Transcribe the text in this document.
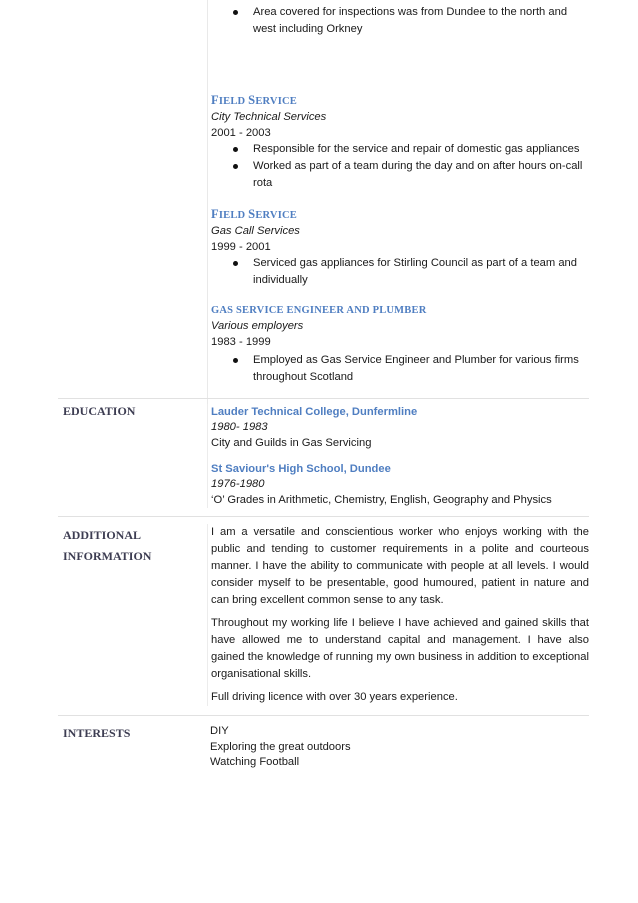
Area covered for inspections was from Dundee to the north and west including Orkney
FIELD SERVICE
City Technical Services
2001 - 2003
Responsible for the service and repair of domestic gas appliances
Worked as part of a team during the day and on after hours on-call rota
FIELD SERVICE
Gas Call Services
1999 - 2001
Serviced gas appliances for Stirling Council as part of a team and individually
GAS SERVICE ENGINEER AND PLUMBER
Various employers
1983 - 1999
Employed as Gas Service Engineer and Plumber for various firms throughout Scotland
EDUCATION	Lauder Technical College, Dunfermline
1980- 1983
City and Guilds in Gas Servicing
St Saviour's High School, Dundee
1976-1980
‘O’ Grades in Arithmetic, Chemistry, English, Geography and Physics
ADDITIONAL
INFORMATION

I am a versatile and conscientious worker who enjoys working with the public and tending to customer requirements in a polite and courteous manner. I have the ability to communicate with people at all levels. I would consider myself to be presentable, good humoured, patient in nature and can bring excellent common sense to any task.

Throughout my working life I believe I have achieved and gained skills that have allowed me to understand capital and management. I have also gained the knowledge of running my own business in addition to exceptional organisational skills.

Full driving licence with over 30 years experience.

INTERESTS	DIY
Exploring the great outdoors
Watching Football
